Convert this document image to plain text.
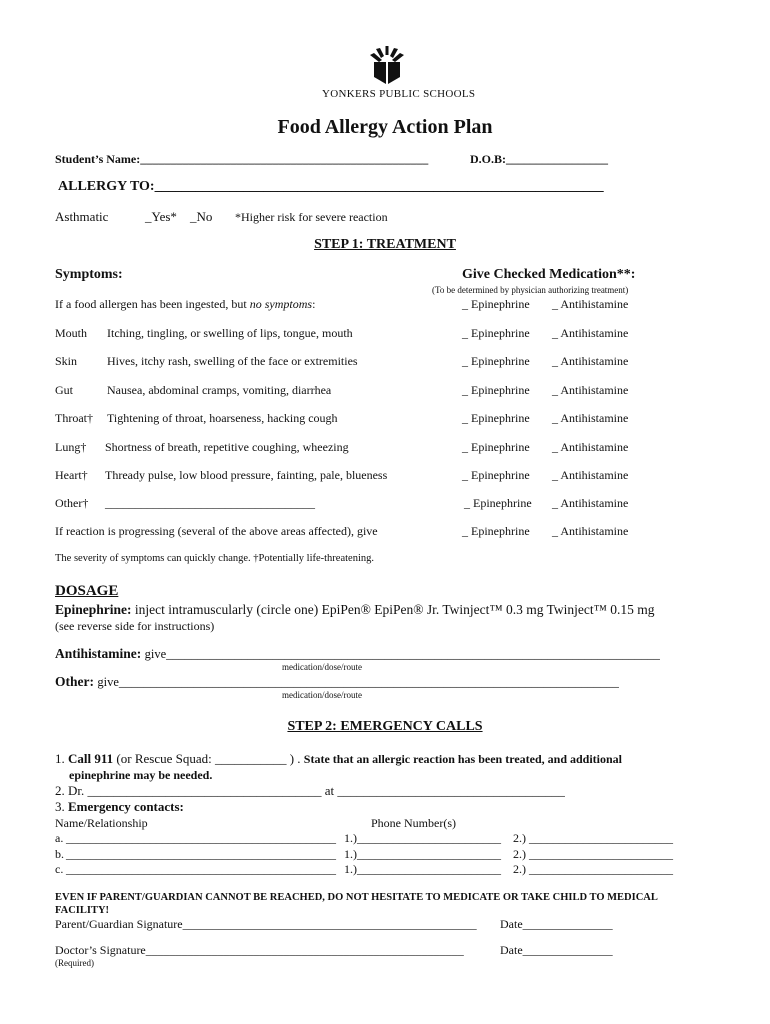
YONKERS PUBLIC SCHOOLS
Food Allergy Action Plan
Student’s Name:________________________________________________	D.O.B:_________________
ALLERGY TO:__________________________________________________________________
Asthmatic	_Yes* _No *Higher risk for severe reaction
STEP 1: TREATMENT
Symptoms:	Give Checked Medication**:
(To be determined by physician authorizing treatment)
If a food allergen has been ingested, but no symptoms:	_ Epinephrine _ Antihistamine
Mouth Itching, tingling, or swelling of lips, tongue, mouth	_ Epinephrine _ Antihistamine
Skin Hives, itchy rash, swelling of the face or extremities	_ Epinephrine _ Antihistamine
Gut	Nausea, abdominal cramps, vomiting, diarrhea	_ Epinephrine _ Antihistamine
Throat† Tightening of throat, hoarseness, hacking cough	_ Epinephrine _ Antihistamine
Lung† Shortness of breath, repetitive coughing, wheezing	_ Epinephrine _ Antihistamine
Heart† Thready pulse, low blood pressure, fainting, pale, blueness	_ Epinephrine _ Antihistamine
Other† ___________________________________	_ Epinephrine _ Antihistamine
If reaction is progressing (several of the above areas affected), give	_ Epinephrine _ Antihistamine
The severity of symptoms can quickly change. †Potentially life-threatening.
DOSAGE
Epinephrine: inject intramuscularly (circle one) EpiPen® EpiPen® Jr. Twinject™ 0.3 mg Twinject™ 0.15 mg
(see reverse side for instructions)
Antihistamine: give_______________________________________________________________________________
medication/dose/route
Other: give________________________________________________________________________________
medication/dose/route
STEP 2: EMERGENCY CALLS
1. Call 911 (or Rescue Squad: ___________ ) . State that an allergic reaction has been treated, and additional
epinephrine may be needed.
2. Dr. ____________________________________ at ___________________________________
3. Emergency contacts:
Name/Relationship	Phone Number(s)
a. _____________________________________________ 1.)________________________ 2.) ________________________
b. _____________________________________________ 1.)________________________ 2.) ________________________
c. _____________________________________________ 1.)________________________ 2.) ________________________
EVEN IF PARENT/GUARDIAN CANNOT BE REACHED, DO NOT HESITATE TO MEDICATE OR TAKE CHILD TO MEDICAL FACILITY!
Parent/Guardian Signature_________________________________________________ Date_______________
Doctor’s Signature_____________________________________________________	Date_______________
(Required)
